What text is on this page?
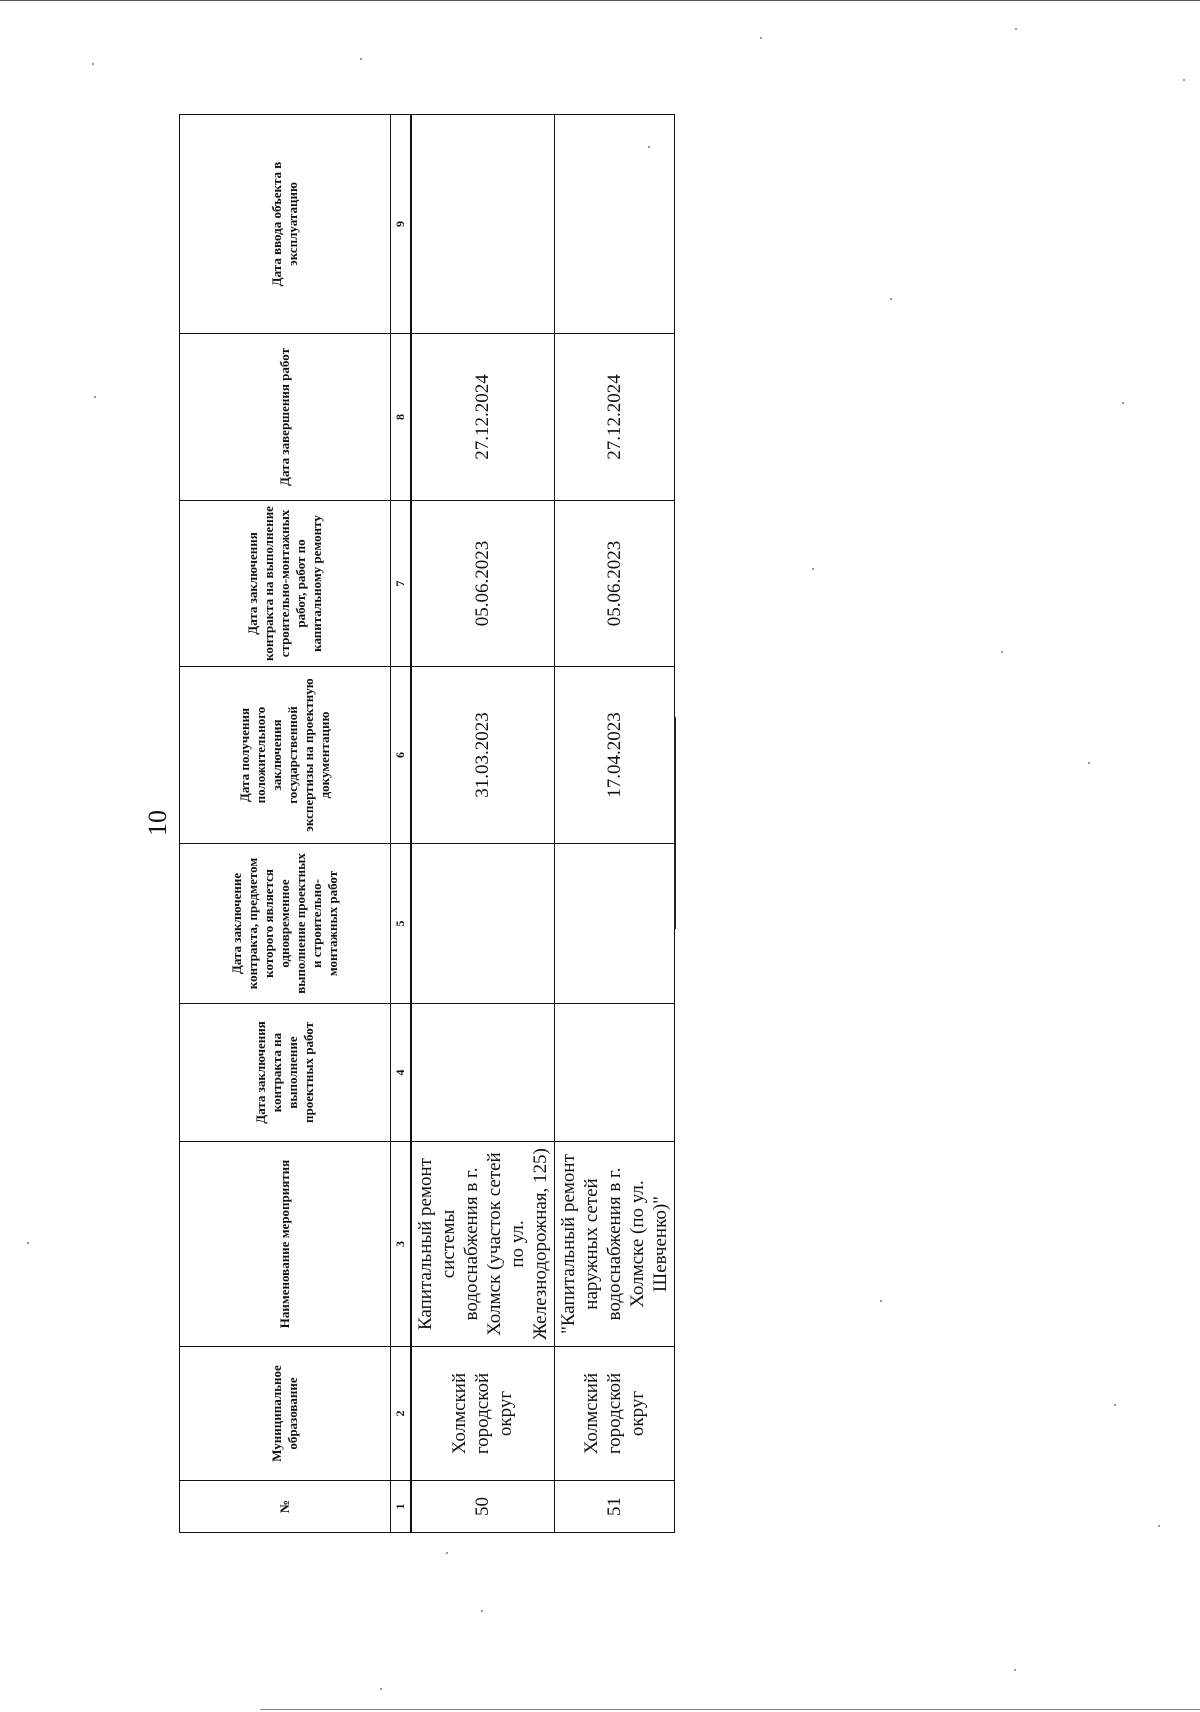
10
№	Муниципальное образование	Наименование мероприятия	Дата заключения контракта на выполнение проектных работ	Дата заключение контракта, предметом которого является одновременное выполнение проектных и строительно-монтажных работ	Дата получения положительного заключения государственной экспертизы на проектную документацию	Дата заключения контракта на выполнение строительно-монтажных работ, работ по капитальному ремонту	Дата завершения работ	Дата ввода объекта в эксплуатацию
1	2	3	4	5	6	7	8	9
50	Холмский городской округ	Капитальный ремонт системы водоснабжения в г. Холмск (участок сетей по ул. Железнодорожная, 125)			31.03.2023	05.06.2023	27.12.2024	
51	Холмский городской округ	"Капитальный ремонт наружных сетей водоснабжения в г. Холмске (по ул. Шевченко)"			17.04.2023	05.06.2023	27.12.2024	
